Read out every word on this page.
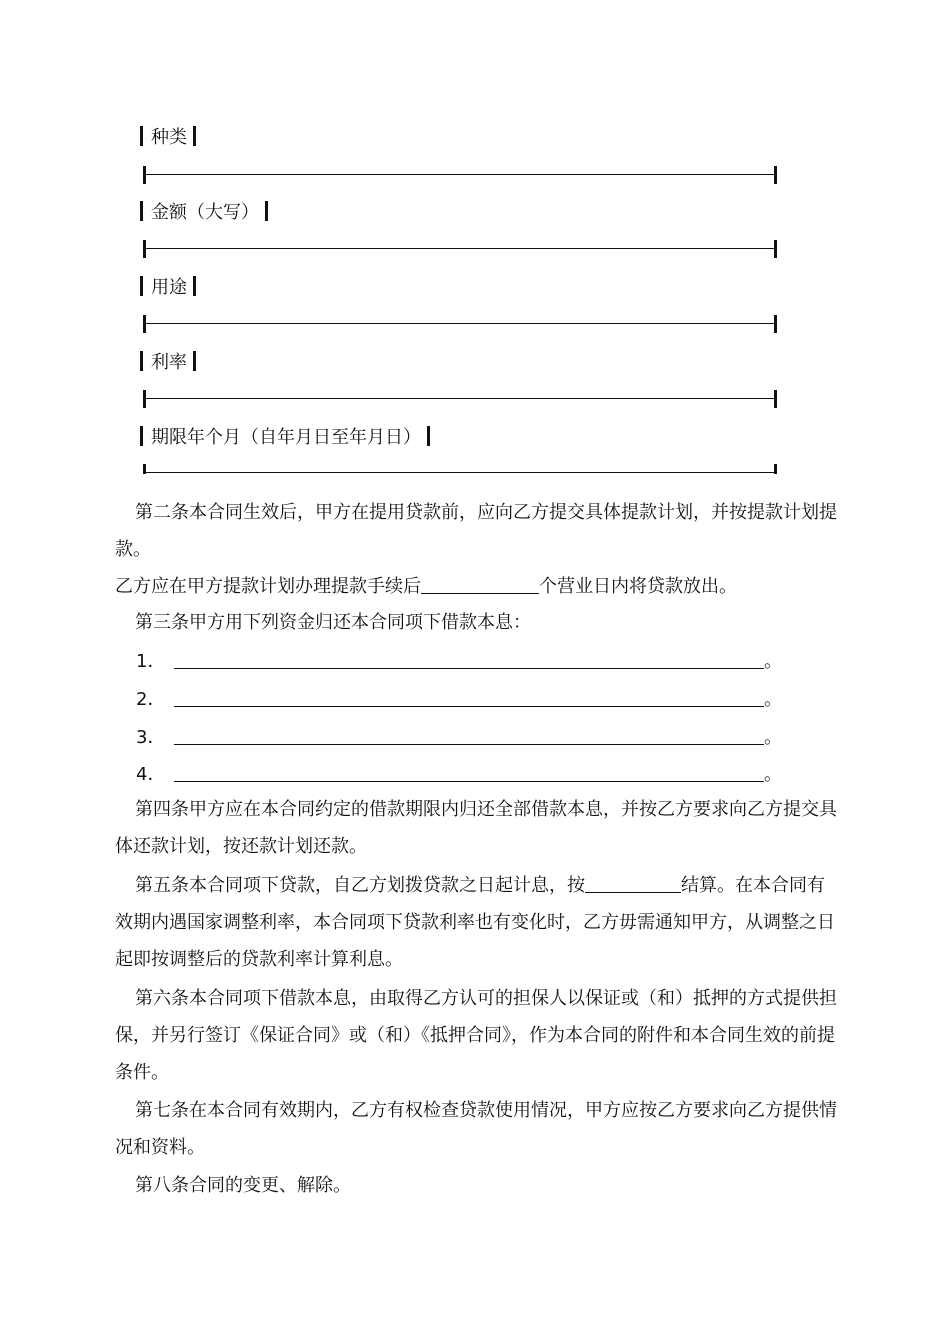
种类
金额（大写）
用途
利率
期限年个月（自年月日至年月日）

第二条本合同生效后，甲方在提用贷款前，应向乙方提交具体提款计划，并按提款计划提款。

乙方应在甲方提款计划办理提款手续后	个营业日内将贷款放出。

第三条甲方用下列资金归还本合同项下借款本息：

1．	。
2．	。
3．	。
4．	。

第四条甲方应在本合同约定的借款期限内归还全部借款本息，并按乙方要求向乙方提交具体还款计划，按还款计划还款。

第五条本合同项下贷款，自乙方划拨贷款之日起计息，按	结算。在本合同有效期内遇国家调整利率，本合同项下贷款利率也有变化时，乙方毋需通知甲方，从调整之日起即按调整后的贷款利率计算利息。

第六条本合同项下借款本息，由取得乙方认可的担保人以保证或（和）抵押的方式提供担保，并另行签订《保证合同》或（和）《抵押合同》，作为本合同的附件和本合同生效的前提条件。

第七条在本合同有效期内，乙方有权检查贷款使用情况，甲方应按乙方要求向乙方提供情况和资料。

第八条合同的变更、解除。
